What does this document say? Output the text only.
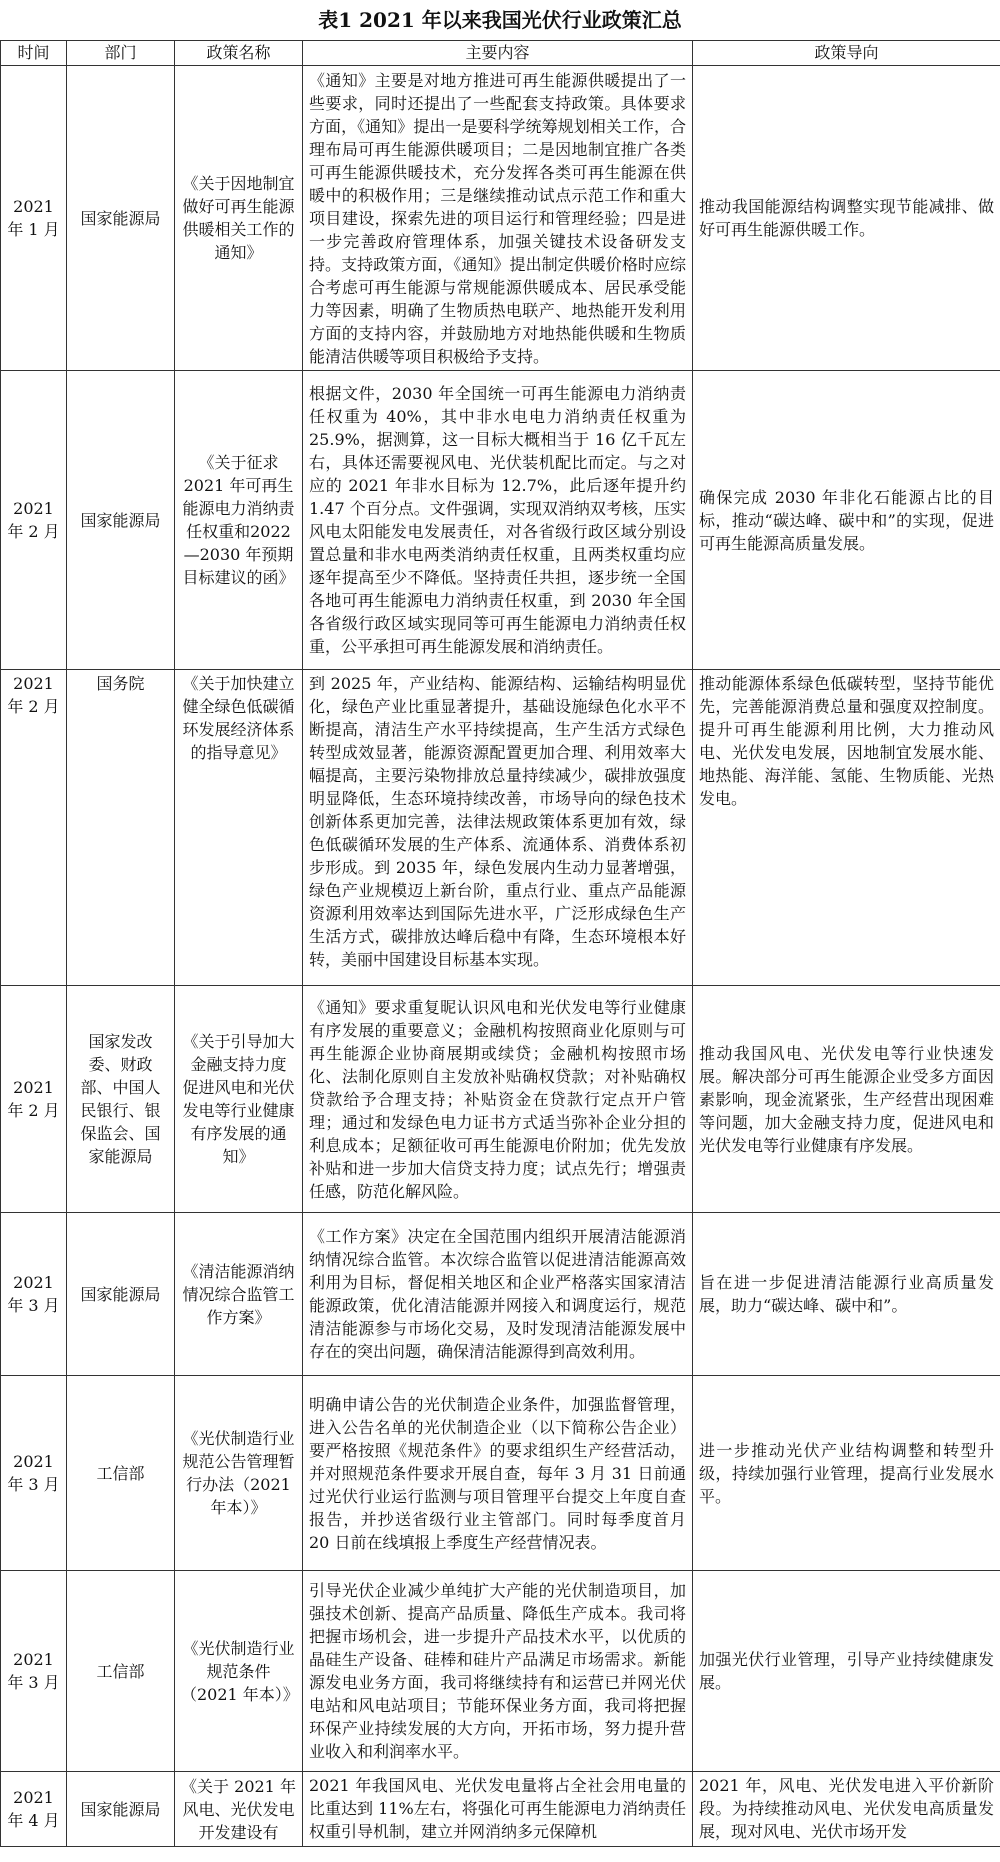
表1 2021 年以来我国光伏行业政策汇总
时间	部门	政策名称	主要内容	政策导向
2021 年 1 月	国家能源局	《关于因地制宜做好可再生能源供暖相关工作的通知》	《通知》主要是对地方推进可再生能源供暖提出了一些要求，同时还提出了一些配套支持政策。具体要求方面，《通知》提出一是要科学统筹规划相关工作，合理布局可再生能源供暖项目；二是因地制宜推广各类可再生能源供暖技术，充分发挥各类可再生能源在供暖中的积极作用；三是继续推动试点示范工作和重大项目建设，探索先进的项目运行和管理经验；四是进一步完善政府管理体系，加强关键技术设备研发支持。支持政策方面，《通知》提出制定供暖价格时应综合考虑可再生能源与常规能源供暖成本、居民承受能力等因素，明确了生物质热电联产、地热能开发利用方面的支持内容，并鼓励地方对地热能供暖和生物质能清洁供暖等项目积极给予支持。	推动我国能源结构调整实现节能减排、做好可再生能源供暖工作。
2021 年 2 月	国家能源局	《关于征求2021 年可再生能源电力消纳责任权重和2022—2030 年预期目标建议的函》	根据文件，2030 年全国统一可再生能源电力消纳责任权重为 40%，其中非水电电力消纳责任权重为 25.9%，据测算，这一目标大概相当于 16 亿千瓦左右，具体还需要视风电、光伏装机配比而定。与之对应的 2021 年非水目标为 12.7%，此后逐年提升约 1.47 个百分点。文件强调，实现双消纳双考核，压实风电太阳能发电发展责任，对各省级行政区域分别设置总量和非水电两类消纳责任权重，且两类权重均应逐年提高至少不降低。坚持责任共担，逐步统一全国各地可再生能源电力消纳责任权重，到 2030 年全国各省级行政区域实现同等可再生能源电力消纳责任权重，公平承担可再生能源发展和消纳责任。	确保完成 2030 年非化石能源占比的目标，推动“碳达峰、碳中和”的实现，促进可再生能源高质量发展。
2021 年 2 月	国务院	《关于加快建立健全绿色低碳循环发展经济体系的指导意见》	到 2025 年，产业结构、能源结构、运输结构明显优化，绿色产业比重显著提升，基础设施绿色化水平不断提高，清洁生产水平持续提高，生产生活方式绿色转型成效显著，能源资源配置更加合理、利用效率大幅提高，主要污染物排放总量持续减少，碳排放强度明显降低，生态环境持续改善，市场导向的绿色技术创新体系更加完善，法律法规政策体系更加有效，绿色低碳循环发展的生产体系、流通体系、消费体系初步形成。到 2035 年，绿色发展内生动力显著增强，绿色产业规模迈上新台阶，重点行业、重点产品能源资源利用效率达到国际先进水平，广泛形成绿色生产生活方式，碳排放达峰后稳中有降，生态环境根本好转，美丽中国建设目标基本实现。	推动能源体系绿色低碳转型，坚持节能优先，完善能源消费总量和强度双控制度。提升可再生能源利用比例，大力推动风电、光伏发电发展，因地制宜发展水能、地热能、海洋能、氢能、生物质能、光热发电。
2021 年 2 月	国家发改委、财政部、中国人民银行、银保监会、国家能源局	《关于引导加大金融支持力度 促进风电和光伏发电等行业健康有序发展的通知》	《通知》要求重复昵认识风电和光伏发电等行业健康有序发展的重要意义；金融机构按照商业化原则与可再生能源企业协商展期或续贷；金融机构按照市场化、法制化原则自主发放补贴确权贷款；对补贴确权贷款给予合理支持；补贴资金在贷款行定点开户管理；通过和发绿色电力证书方式适当弥补企业分担的利息成本；足额征收可再生能源电价附加；优先发放补贴和进一步加大信贷支持力度；试点先行；增强责任感，防范化解风险。	推动我国风电、光伏发电等行业快速发展。解决部分可再生能源企业受多方面因素影响，现金流紧张，生产经营出现困难等问题，加大金融支持力度，促进风电和光伏发电等行业健康有序发展。
2021 年 3 月	国家能源局	《清洁能源消纳情况综合监管工作方案》	《工作方案》决定在全国范围内组织开展清洁能源消纳情况综合监管。本次综合监管以促进清洁能源高效利用为目标，督促相关地区和企业严格落实国家清洁能源政策，优化清洁能源并网接入和调度运行，规范清洁能源参与市场化交易，及时发现清洁能源发展中存在的突出问题，确保清洁能源得到高效利用。	旨在进一步促进清洁能源行业高质量发展，助力“碳达峰、碳中和”。
2021 年 3 月	工信部	《光伏制造行业规范公告管理暂行办法（2021 年本）》	明确申请公告的光伏制造企业条件，加强监督管理，进入公告名单的光伏制造企业（以下简称公告企业）要严格按照《规范条件》的要求组织生产经营活动，并对照规范条件要求开展自查，每年 3 月 31 日前通过光伏行业运行监测与项目管理平台提交上年度自查报告，并抄送省级行业主管部门。同时每季度首月 20 日前在线填报上季度生产经营情况表。	进一步推动光伏产业结构调整和转型升级，持续加强行业管理，提高行业发展水平。
2021 年 3 月	工信部	《光伏制造行业规范条件（2021 年本）》	引导光伏企业减少单纯扩大产能的光伏制造项目，加强技术创新、提高产品质量、降低生产成本。我司将把握市场机会，进一步提升产品技术水平，以优质的晶硅生产设备、硅棒和硅片产品满足市场需求。新能源发电业务方面，我司将继续持有和运营已并网光伏电站和风电站项目；节能环保业务方面，我司将把握环保产业持续发展的大方向，开拓市场，努力提升营业收入和利润率水平。	加强光伏行业管理，引导产业持续健康发展。
2021 年 4 月	国家能源局	《关于 2021 年风电、光伏发电开发建设有	2021 年我国风电、光伏发电量将占全社会用电量的比重达到 11%左右，将强化可再生能源电力消纳责任权重引导机制，建立并网消纳多元保障机	2021 年，风电、光伏发电进入平价新阶段。为持续推动风电、光伏发电高质量发展，现对风电、光伏市场开发
